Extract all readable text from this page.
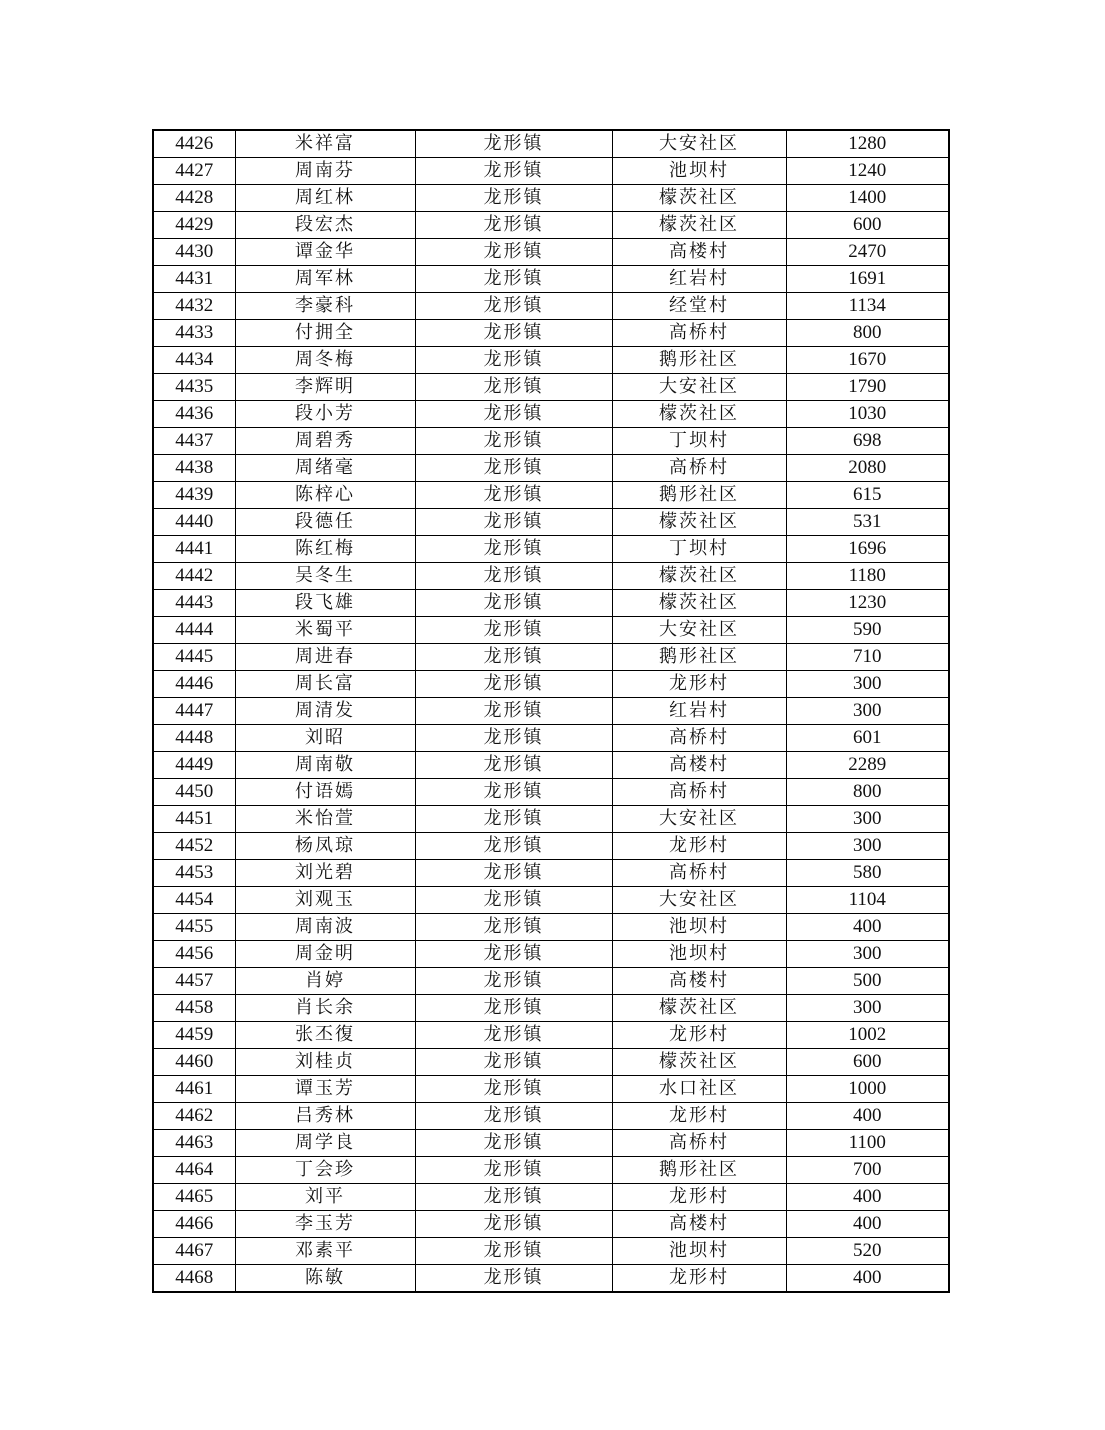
4426	米祥富	龙形镇	大安社区	1280
4427	周南芬	龙形镇	池坝村	1240
4428	周红林	龙形镇	檬茨社区	1400
4429	段宏杰	龙形镇	檬茨社区	600
4430	谭金华	龙形镇	高楼村	2470
4431	周军林	龙形镇	红岩村	1691
4432	李豪科	龙形镇	经堂村	1134
4433	付拥全	龙形镇	高桥村	800
4434	周冬梅	龙形镇	鹅形社区	1670
4435	李辉明	龙形镇	大安社区	1790
4436	段小芳	龙形镇	檬茨社区	1030
4437	周碧秀	龙形镇	丁坝村	698
4438	周绪毫	龙形镇	高桥村	2080
4439	陈梓心	龙形镇	鹅形社区	615
4440	段德任	龙形镇	檬茨社区	531
4441	陈红梅	龙形镇	丁坝村	1696
4442	吴冬生	龙形镇	檬茨社区	1180
4443	段飞雄	龙形镇	檬茨社区	1230
4444	米蜀平	龙形镇	大安社区	590
4445	周进春	龙形镇	鹅形社区	710
4446	周长富	龙形镇	龙形村	300
4447	周清发	龙形镇	红岩村	300
4448	刘昭	龙形镇	高桥村	601
4449	周南敬	龙形镇	高楼村	2289
4450	付语嫣	龙形镇	高桥村	800
4451	米怡萱	龙形镇	大安社区	300
4452	杨凤琼	龙形镇	龙形村	300
4453	刘光碧	龙形镇	高桥村	580
4454	刘观玉	龙形镇	大安社区	1104
4455	周南波	龙形镇	池坝村	400
4456	周金明	龙形镇	池坝村	300
4457	肖婷	龙形镇	高楼村	500
4458	肖长余	龙形镇	檬茨社区	300
4459	张丕復	龙形镇	龙形村	1002
4460	刘桂贞	龙形镇	檬茨社区	600
4461	谭玉芳	龙形镇	水口社区	1000
4462	吕秀林	龙形镇	龙形村	400
4463	周学良	龙形镇	高桥村	1100
4464	丁会珍	龙形镇	鹅形社区	700
4465	刘平	龙形镇	龙形村	400
4466	李玉芳	龙形镇	高楼村	400
4467	邓素平	龙形镇	池坝村	520
4468	陈敏	龙形镇	龙形村	400
